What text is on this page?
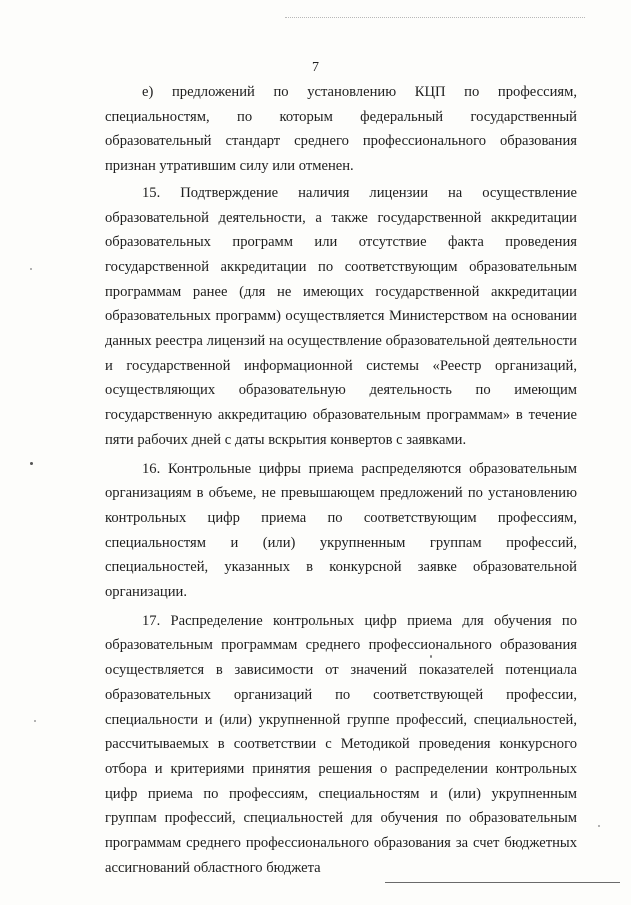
7

е) предложений по установлению КЦП по профессиям, специальностям, по которым федеральный государственный образовательный стандарт среднего профессионального образования признан утратившим силу или отменен.

15. Подтверждение наличия лицензии на осуществление образовательной деятельности, а также государственной аккредитации образовательных программ или отсутствие факта проведения государственной аккредитации по соответствующим образовательным программам ранее (для не имеющих государственной аккредитации образовательных программ) осуществляется Министерством на основании данных реестра лицензий на осуществление образовательной деятельности и государственной информационной системы «Реестр организаций, осуществляющих образовательную деятельность по имеющим государственную аккредитацию образовательным программам» в течение пяти рабочих дней с даты вскрытия конвертов с заявками.

16. Контрольные цифры приема распределяются образовательным организациям в объеме, не превышающем предложений по установлению контрольных цифр приема по соответствующим профессиям, специальностям и (или) укрупненным группам профессий, специальностей, указанных в конкурсной заявке образовательной организации.

17. Распределение контрольных цифр приема для обучения по образовательным программам среднего профессионального образования осуществляется в зависимости от значений показателей потенциала образовательных организаций по соответствующей профессии, специальности и (или) укрупненной группе профессий, специальностей, рассчитываемых в соответствии с Методикой проведения конкурсного отбора и критериями принятия решения о распределении контрольных цифр приема по профессиям, специальностям и (или) укрупненным группам профессий, специальностей для обучения по образовательным программам среднего профессионального образования за счет бюджетных ассигнований областного бюджета
